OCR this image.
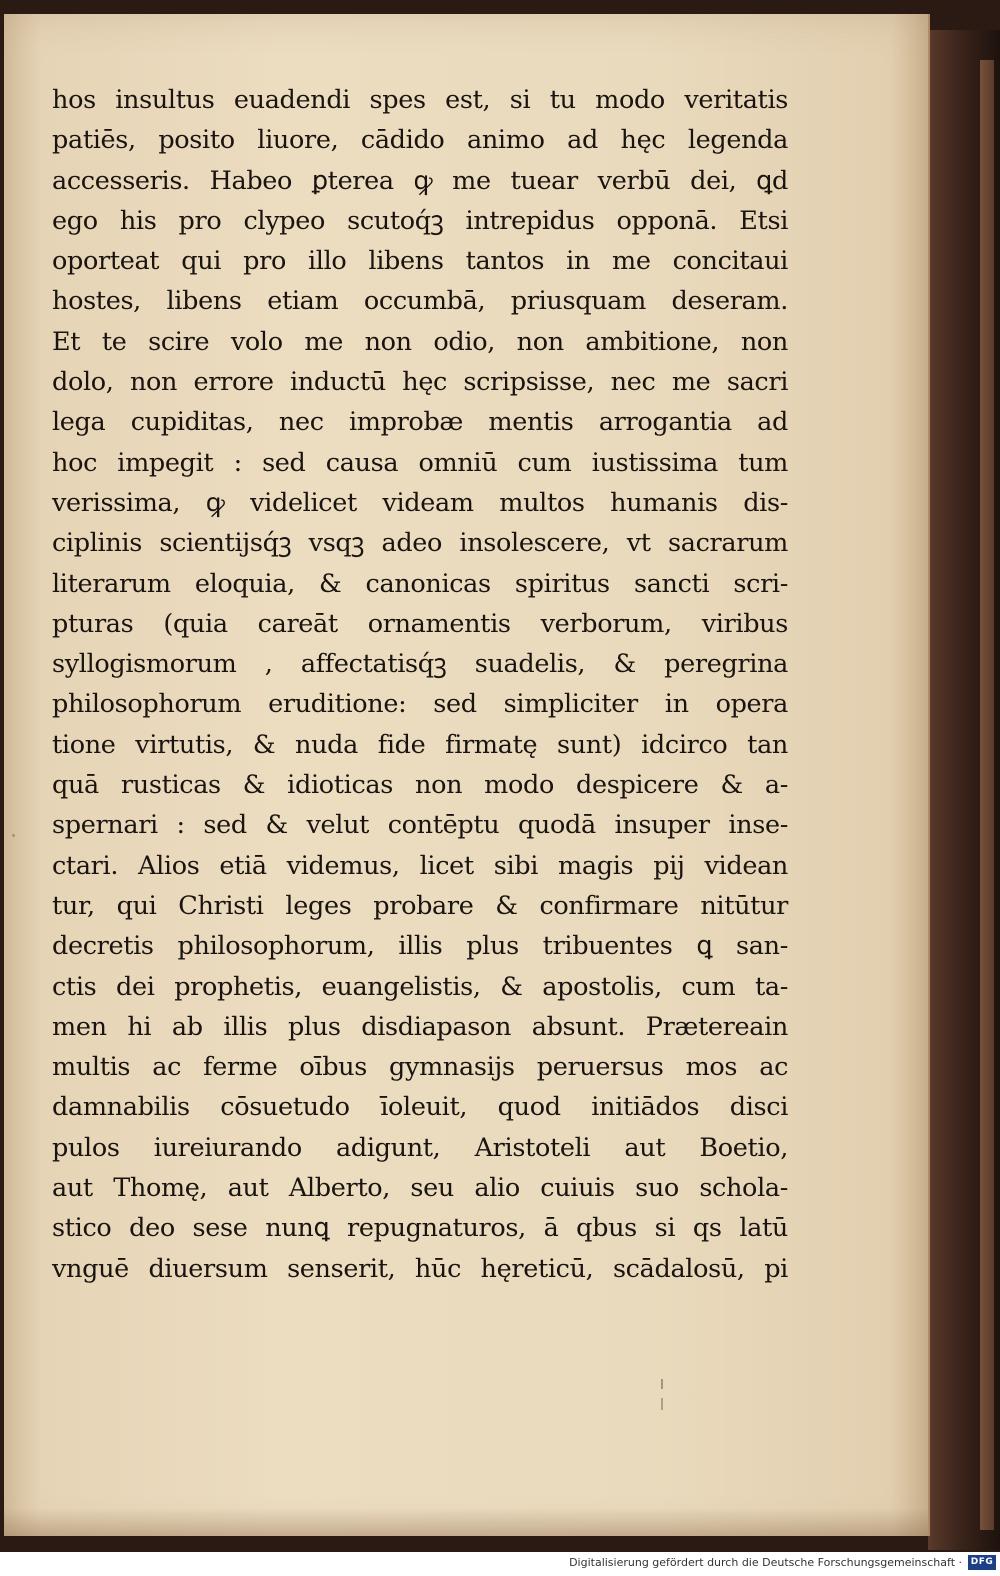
hos insultus euadendi spes est, si tu modo veritatis
patiēs, posito liuore, cādido animo ad hęc legenda
accesseris. Habeo ꝑterea ꝙ me tuear verbū dei, ꝗd
ego his pro clypeo scutoq́ꝫ intrepidus opponā. Etsi
oporteat qui pro illo libens tantos in me concitaui
hostes, libens etiam occumbā, priusquam deseram.
Et te scire volo me non odio, non ambitione, non
dolo, non errore inductū hęc scripsisse, nec me sacri
lega cupiditas, nec improbæ mentis arrogantia ad
hoc impegit : sed causa omniū cum iustissima tum
verissima, ꝙ videlicet videam multos humanis dis-
ciplinis scientijsq́ꝫ vsqꝫ adeo insolescere, vt sacrarum
literarum eloquia, & canonicas spiritus sancti scri-
pturas (quia careāt ornamentis verborum, viribus
syllogismorum , affectatisq́ꝫ suadelis, & peregrina
philosophorum eruditione: sed simpliciter in opera
tione virtutis, & nuda fide firmatę sunt) idcirco tan
quā rusticas & idioticas non modo despicere & a-
spernari : sed & velut contēptu quodā insuper inse-
ctari. Alios etiā videmus, licet sibi magis pij videan
tur, qui Christi leges probare & confirmare nitūtur
decretis philosophorum, illis plus tribuentes ꝗ san-
ctis dei prophetis, euangelistis, & apostolis, cum ta-
men hi ab illis plus disdiapason absunt. Prætereain
multis ac ferme oībus gymnasijs peruersus mos ac
damnabilis cōsuetudo īoleuit, quod initiādos disci
pulos iureiurando adigunt, Aristoteli aut Boetio,
aut Thomę, aut Alberto, seu alio cuiuis suo schola-
stico deo sese nunꝗ repugnaturos, ā qbus si qs latū
vnguē diuersum senserit, hūc hęreticū, scādalosū, pi
Digitalisierung gefördert durch die Deutsche Forschungsgemeinschaft · DFG
